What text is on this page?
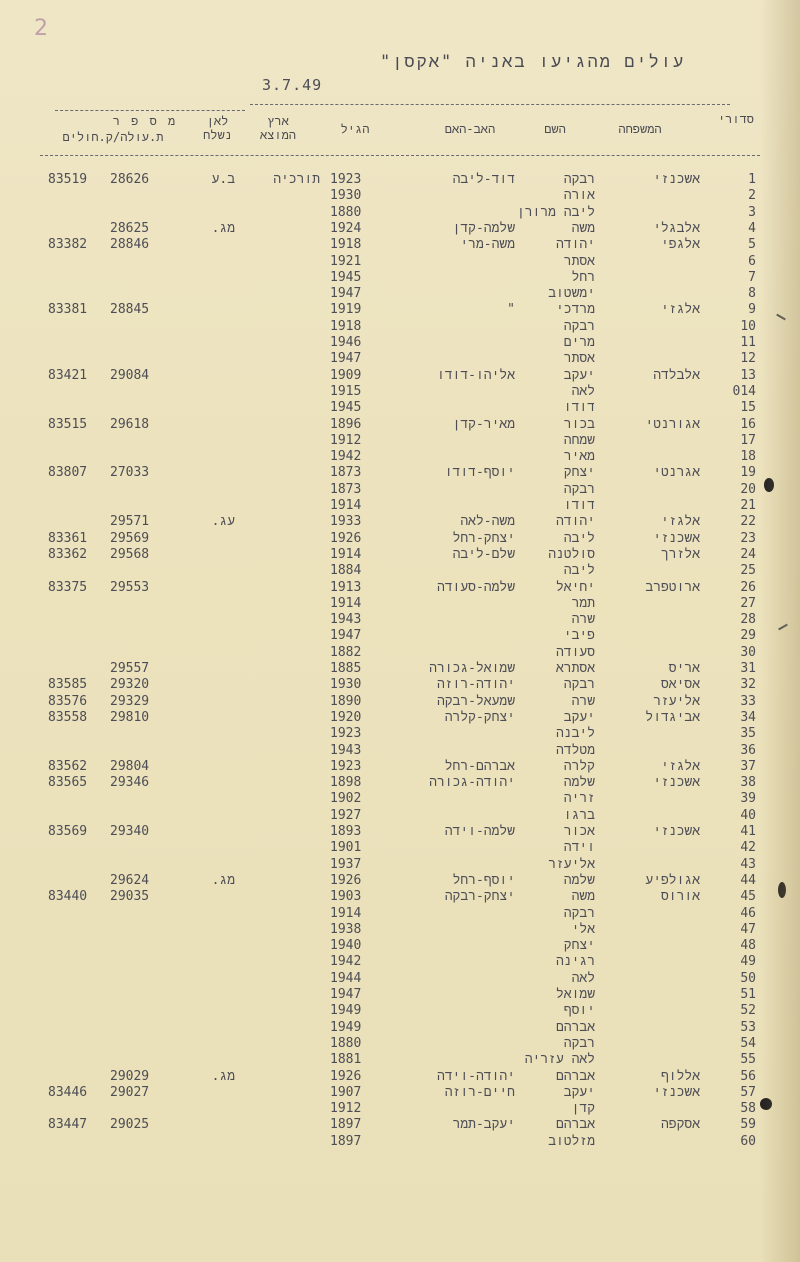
2
עולים מהגיעו באניה "אקסן"
3.7.49
סדורי
המשפחה
השם
האב-האם
הגיל
ארץ המוצא
לאן נשלח
מ ס פ ר
ת.עולה/ק.חולים
1
אשכנזי
רבקה
דוד-ליבה
1923
תורכיה
ב.ע
28626
83519
2
אורה
1930
3
ליבה מרורן
1880
4
אלבגלי
משה
שלמה-קדן
1924
מג.
28625
5
אלגפי
יהודה
משה-מרי
1918
28846
83382
6
אסתר
1921
7
רחל
1945
8
ימשטוב
1947
9
אלגזי
מרדכי
"
1919
28845
83381
10
רבקה
1918
11
מרים
1946
12
אסתר
1947
13
אלבלדה
יעקב
אליהו-דודו
1909
29084
83421
014
לאה
1915
15
דודו
1945
16
אגורנטי
בכור
מאיר-קדן
1896
29618
83515
17
שמחה
1912
18
מאיר
1942
19
אגרנטי
יצחק
יוסף-דודו
1873
27033
83807
20
רבקה
1873
21
דודו
1914
22
אלגזי
יהודה
משה-לאה
1933
עג.
29571
23
אשכנזי
ליבה
יצחק-רחל
1926
29569
83361
24
אלזרך
סולטנה
שלם-ליבה
1914
29568
83362
25
ליבה
1884
26
ארוטפרב
יחיאל
שלמה-סעודה
1913
29553
83375
27
תמר
1914
28
שרה
1943
29
פיבי
1947
30
סעודה
1882
31
אריס
אסתרא
שמואל-גכורה
1885
29557
32
אסיאס
רבקה
יהודה-רוזה
1930
29320
83585
33
אליעזר
שרה
שמעאל-רבקה
1890
29329
83576
34
אביגדול
יעקב
יצחק-קלרה
1920
29810
83558
35
ליבנה
1923
36
מטלדה
1943
37
אלגזי
קלרה
אברהם-רחל
1923
29804
83562
38
אשכנזי
שלמה
יהודה-גכורה
1898
29346
83565
39
זריה
1902
40
ברגו
1927
41
אשכנזי
אכור
שלמה-וידה
1893
29340
83569
42
וידה
1901
43
אליעזר
1937
44
אגולפיע
שלמה
יוסף-רחל
1926
מג.
29624
45
אורוס
משה
יצחק-רבקה
1903
29035
83440
46
רבקה
1914
47
אלי
1938
48
יצחק
1940
49
רגינה
1942
50
לאה
1944
51
שמואל
1947
52
יוסף
1949
53
אברהם
1949
54
רבקה
1880
55
לאה עזריה
1881
56
אללוף
אברהם
יהודה-וידה
1926
מג.
29029
57
אשכנזי
יעקב
חיים-רוזה
1907
29027
83446
58
קדן
1912
59
אסקפה
אברהם
יעקב-תמר
1897
29025
83447
60
מזלטוב
1897
